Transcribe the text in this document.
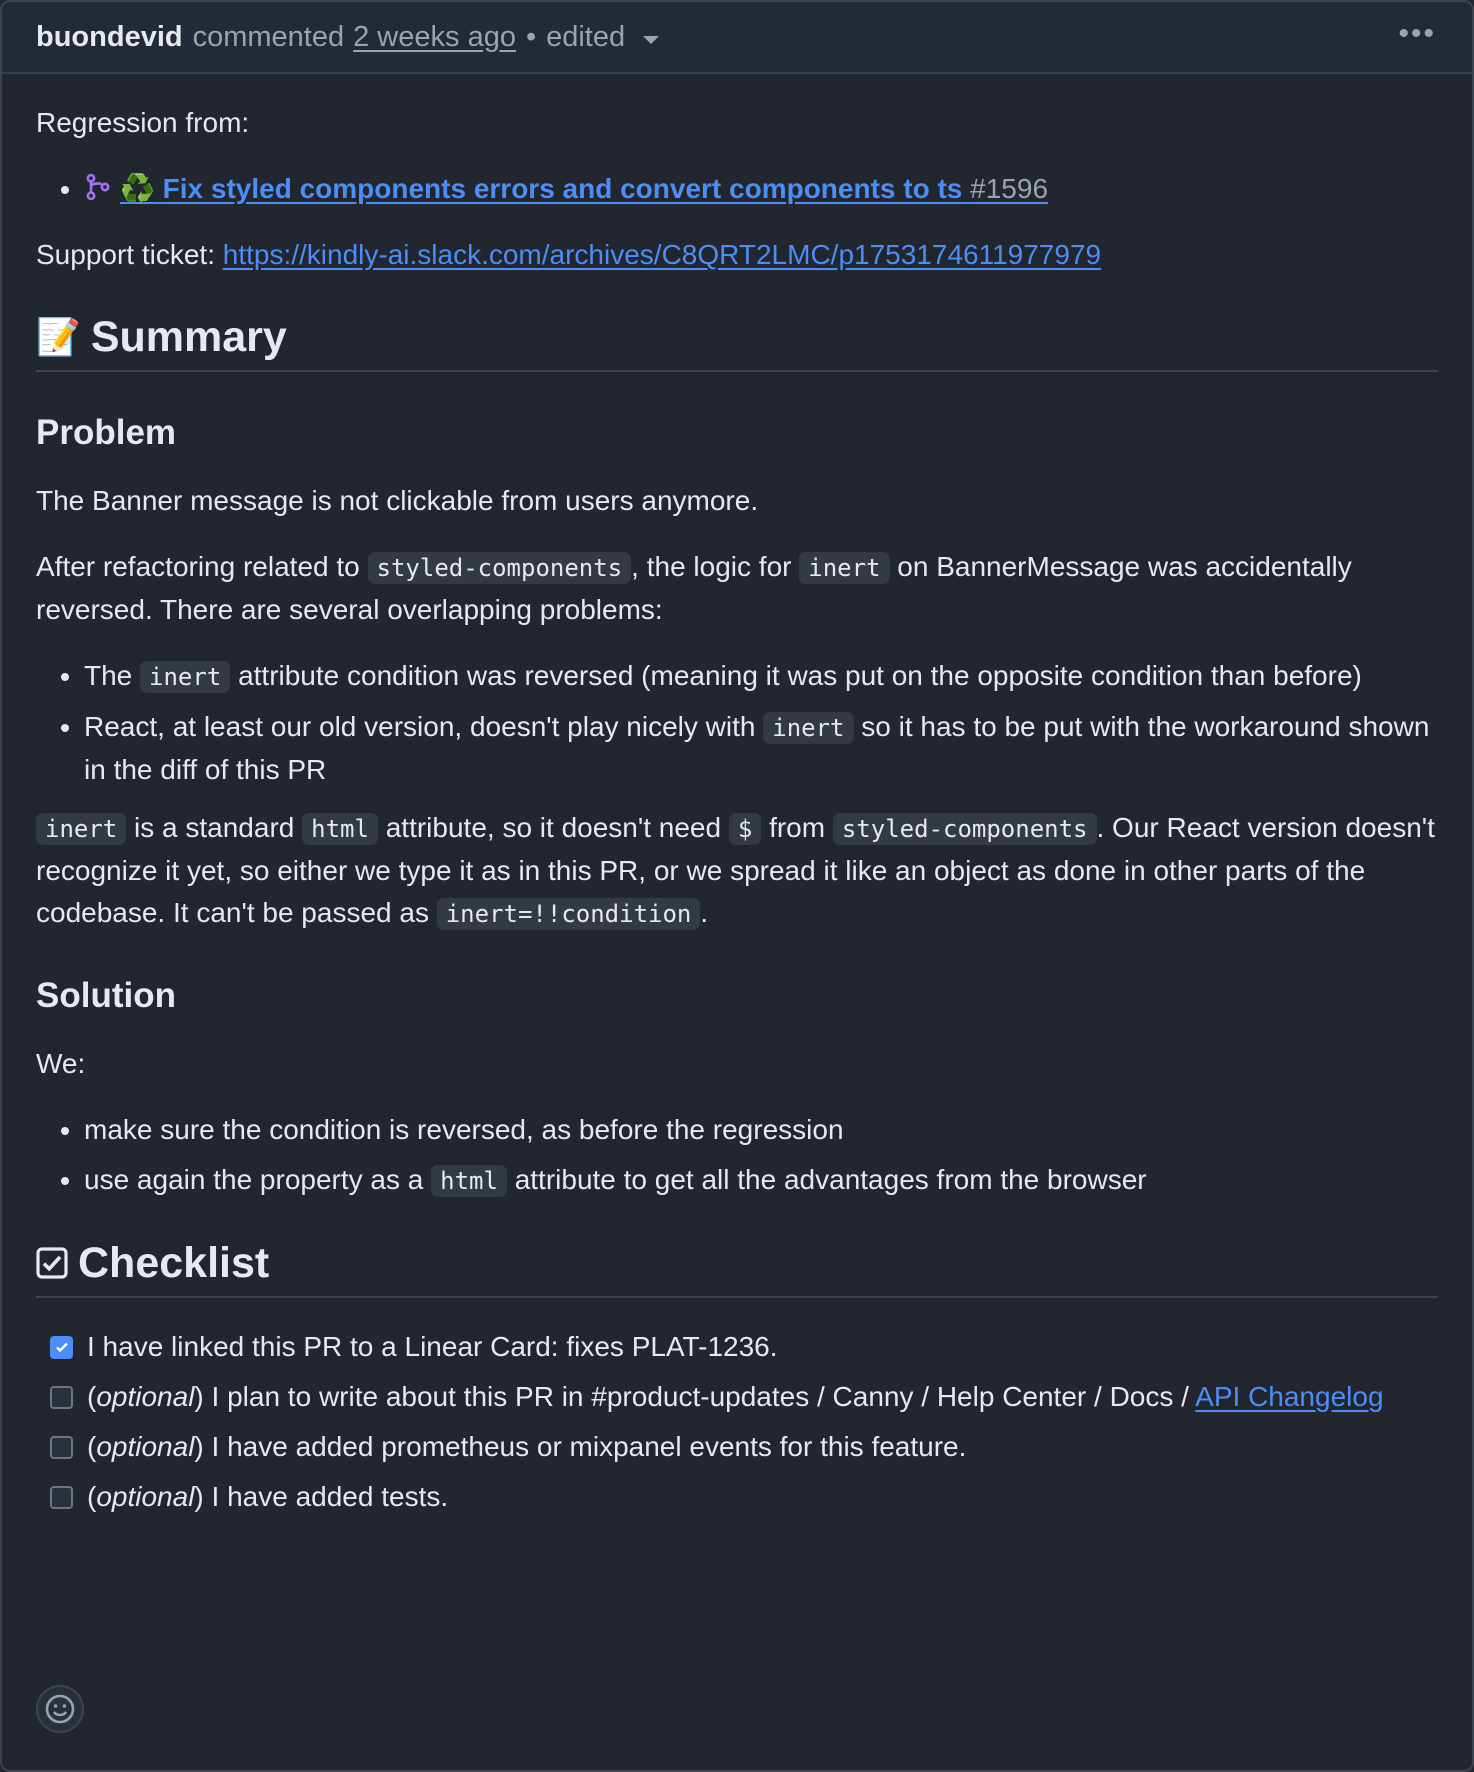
buondevid commented 2 weeks ago • edited	•••

Regression from:

• ♻️ Fix styled components errors and convert components to ts #1596

Support ticket: https://kindly-ai.slack.com/archives/C8QRT2LMC/p1753174611977979

📝 Summary
Problem

The Banner message is not clickable from users anymore.

After refactoring related to styled-components , the logic for inert on BannerMessage was accidentally reversed. There are several overlapping problems:

• The inert attribute condition was reversed (meaning it was put on the opposite condition than before)
• React, at least our old version, doesn't play nicely with inert so it has to be put with the workaround shown in the diff of this PR

inert is a standard html attribute, so it doesn't need $ from styled-components . Our React version doesn't recognize it yet, so either we type it as in this PR, or we spread it like an object as done in other parts of the codebase. It can't be passed as inert=!!condition .

Solution

We:

• make sure the condition is reversed, as before the regression
• use again the property as a html attribute to get all the advantages from the browser
Checklist
I have linked this PR to a Linear Card: fixes PLAT-1236.
(optional) I plan to write about this PR in #product-updates / Canny / Help Center / Docs / API Changelog
(optional) I have added prometheus or mixpanel events for this feature.
(optional) I have added tests.
